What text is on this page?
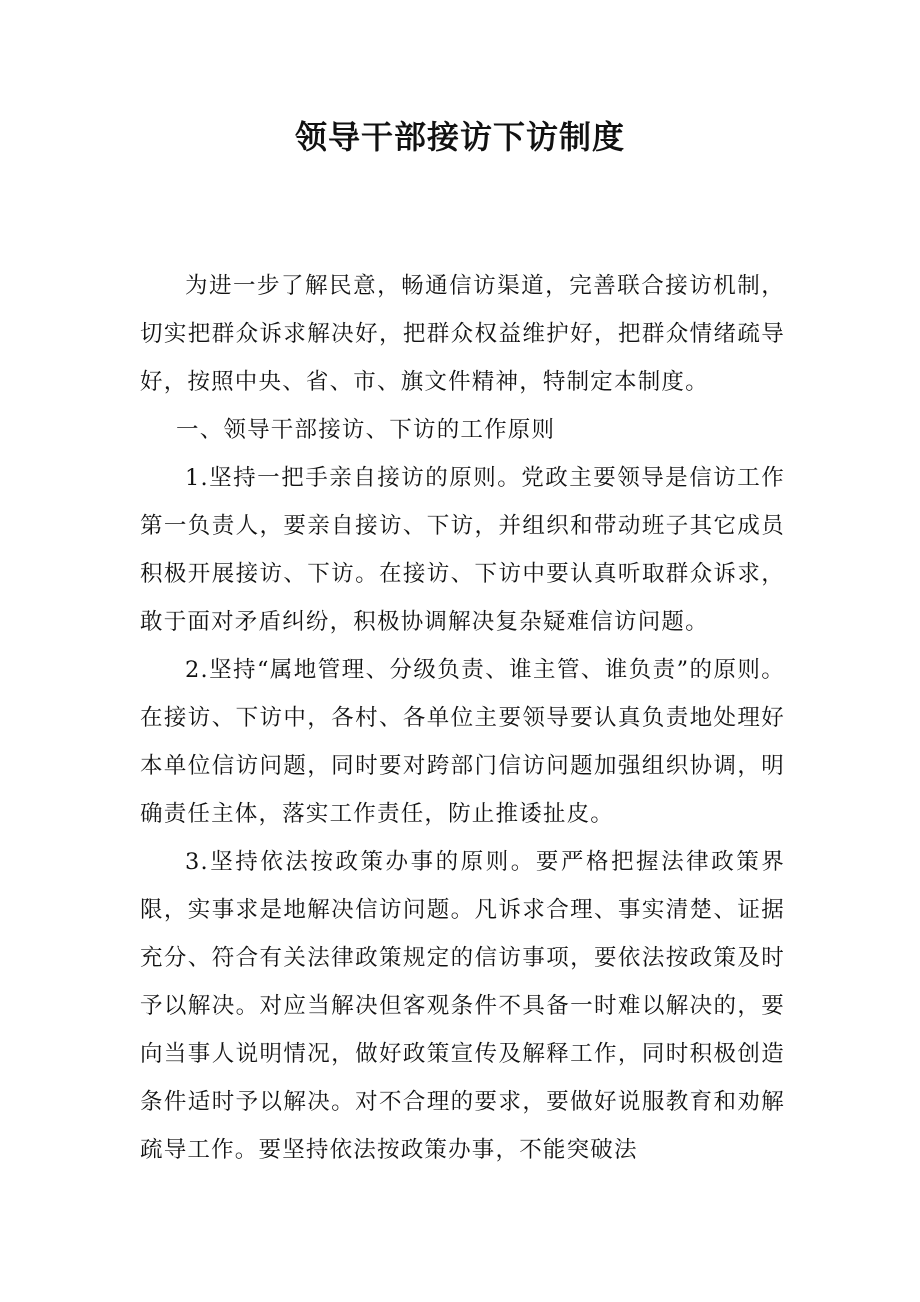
领导干部接访下访制度

为进一步了解民意，畅通信访渠道，完善联合接访机制，切实把群众诉求解决好，把群众权益维护好，把群众情绪疏导好，按照中央、省、市、旗文件精神，特制定本制度。

一、领导干部接访、下访的工作原则

1.坚持一把手亲自接访的原则。党政主要领导是信访工作第一负责人，要亲自接访、下访，并组织和带动班子其它成员积极开展接访、下访。在接访、下访中要认真听取群众诉求，敢于面对矛盾纠纷，积极协调解决复杂疑难信访问题。

2.坚持“属地管理、分级负责、谁主管、谁负责”的原则。在接访、下访中，各村、各单位主要领导要认真负责地处理好本单位信访问题，同时要对跨部门信访问题加强组织协调，明确责任主体，落实工作责任，防止推诿扯皮。

3.坚持依法按政策办事的原则。要严格把握法律政策界限，实事求是地解决信访问题。凡诉求合理、事实清楚、证据充分、符合有关法律政策规定的信访事项，要依法按政策及时予以解决。对应当解决但客观条件不具备一时难以解决的，要向当事人说明情况，做好政策宣传及解释工作，同时积极创造条件适时予以解决。对不合理的要求，要做好说服教育和劝解疏导工作。要坚持依法按政策办事，不能突破法
